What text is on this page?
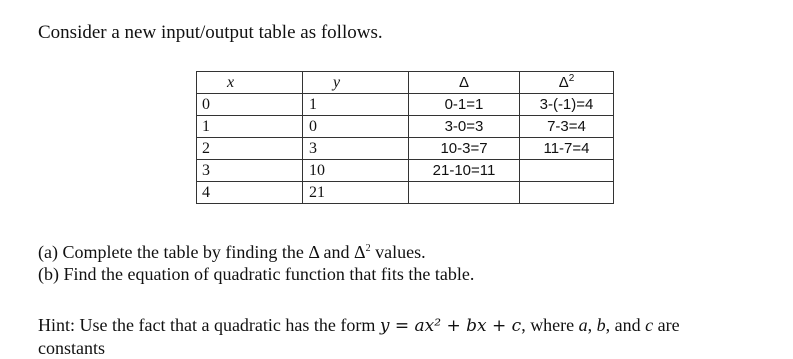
Consider a new input/output table as follows.
x	y	Δ	$\Delta^2$
0	1	0-1=1	3-(-1)=4
1	0	3-0=3	7-3=4
2	3	10-3=7	11-7=4
3	10	21-10=11	
4	21		
(a) Complete the table by finding the Δ and $\Delta^2$ values.
(b) Find the equation of quadratic function that fits the table.
Hint: Use the fact that a quadratic has the form y = ax² + bx + c, where a, b, and c are
constants
